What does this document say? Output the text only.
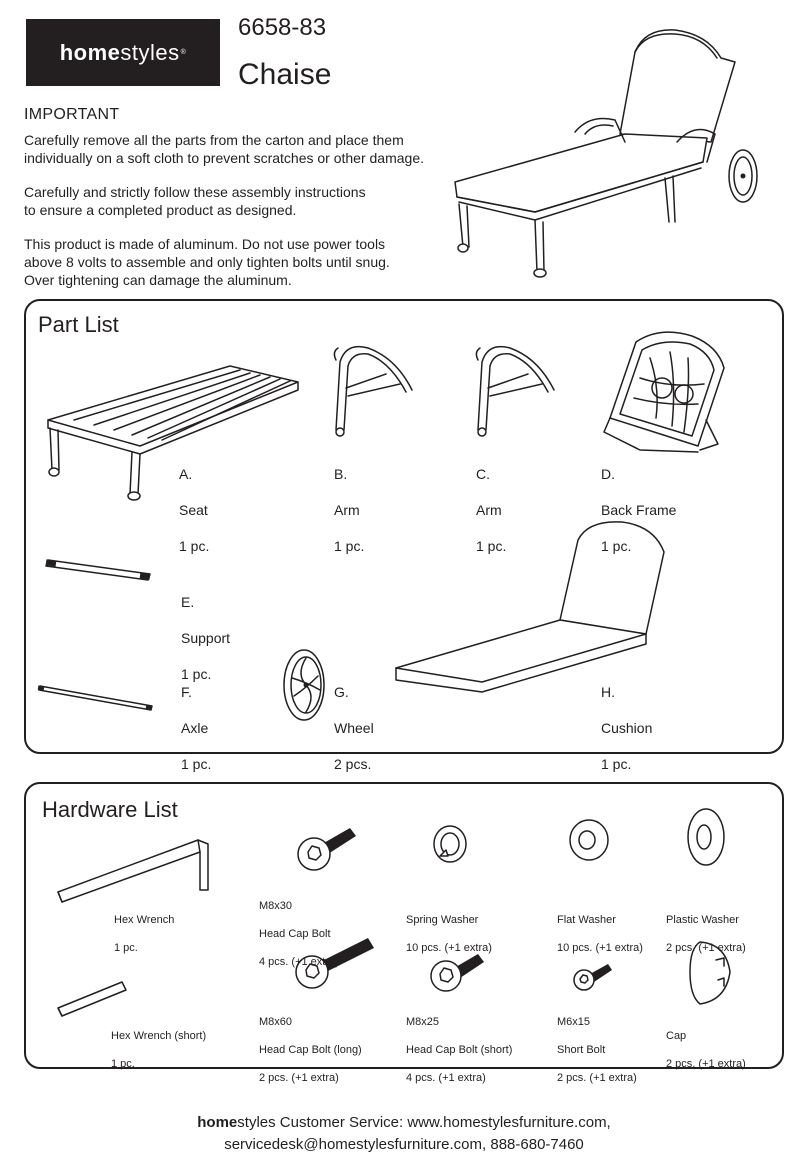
home styles ®
6658-83
Chaise
IMPORTANT
Carefully remove all the parts from the carton and place them
individually on a soft cloth to prevent scratches or other damage.
Carefully and strictly follow these assembly instructions
to ensure a completed product as designed.
This product is made of aluminum. Do not use power tools
above 8 volts to assemble and only tighten bolts until snug.
Over tightening can damage the aluminum.
Part List

A.

Seat

1 pc.

B.

Arm

1 pc.

C.

Arm

1 pc.

D.

Back Frame

1 pc.

E.

Support

1 pc.

F.

Axle

1 pc.

G.

Wheel

2 pcs.

H.

Cushion

1 pc.

Hardware List

Hex Wrench

1 pc.

M8x30

Head Cap Bolt

4 pcs. (+1 extra)

Spring Washer

10 pcs. (+1 extra)

Flat Washer

10 pcs. (+1 extra)

Plastic Washer

2 pcs. (+1 extra)

Hex Wrench (short)

1 pc.

M8x60

Head Cap Bolt (long)

2 pcs. (+1 extra)

M8x25

Head Cap Bolt (short)

4 pcs. (+1 extra)

M6x15

Short Bolt

2 pcs. (+1 extra)

Cap

2 pcs. (+1 extra)

homestyles Customer Service: www.homestylesfurniture.com,
servicedesk@homestylesfurniture.com, 888-680-7460
